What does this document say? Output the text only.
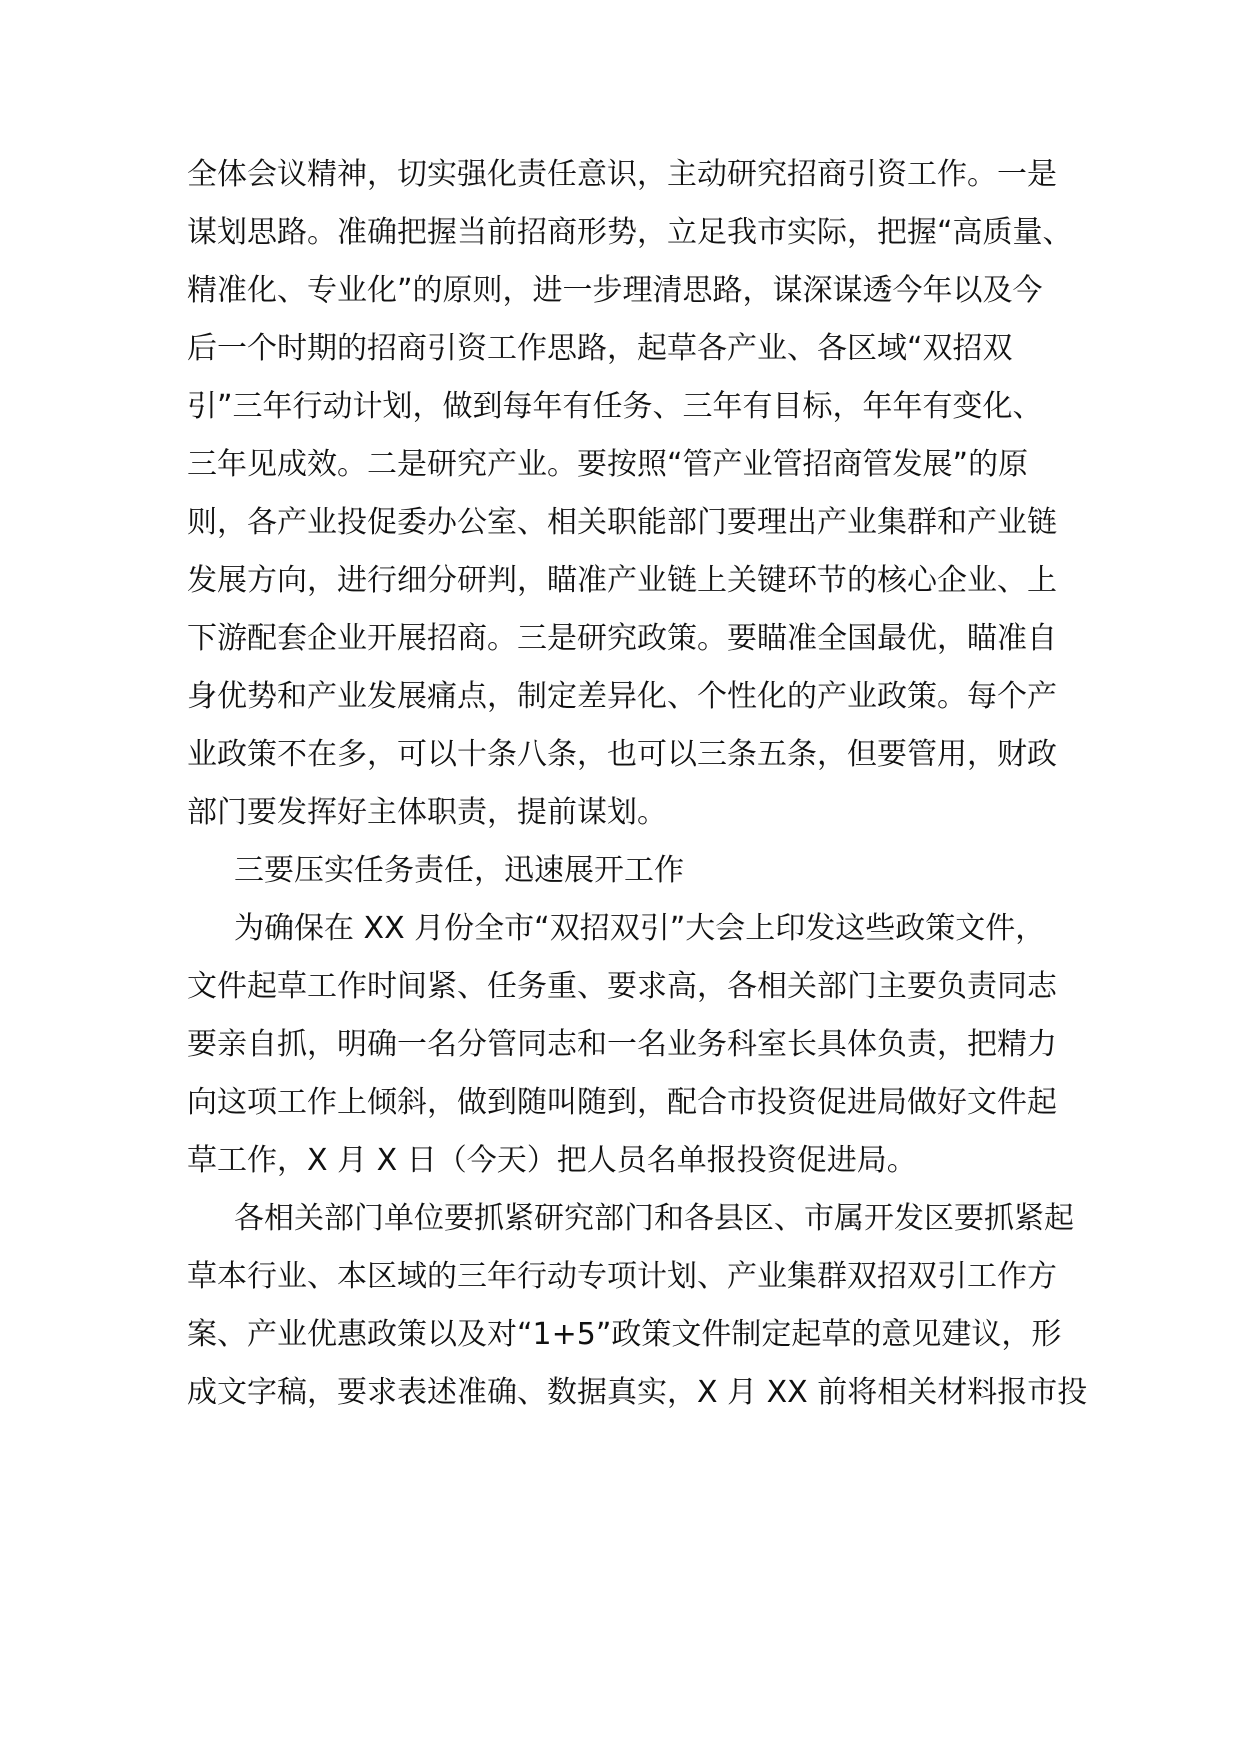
全体会议精神，切实强化责任意识，主动研究招商引资工作。一是
谋划思路。准确把握当前招商形势，立足我市实际，把握“高质量、
精准化、专业化”的原则，进一步理清思路，谋深谋透今年以及今
后一个时期的招商引资工作思路，起草各产业、各区域“双招双
引”三年行动计划，做到每年有任务、三年有目标，年年有变化、
三年见成效。二是研究产业。要按照“管产业管招商管发展”的原
则，各产业投促委办公室、相关职能部门要理出产业集群和产业链
发展方向，进行细分研判，瞄准产业链上关键环节的核心企业、上
下游配套企业开展招商。三是研究政策。要瞄准全国最优，瞄准自
身优势和产业发展痛点，制定差异化、个性化的产业政策。每个产
业政策不在多，可以十条八条，也可以三条五条，但要管用，财政
部门要发挥好主体职责，提前谋划。
三要压实任务责任，迅速展开工作
为确保在 XX 月份全市“双招双引”大会上印发这些政策文件，
文件起草工作时间紧、任务重、要求高，各相关部门主要负责同志
要亲自抓，明确一名分管同志和一名业务科室长具体负责，把精力
向这项工作上倾斜，做到随叫随到，配合市投资促进局做好文件起
草工作，X 月 X 日（今天）把人员名单报投资促进局。
各相关部门单位要抓紧研究部门和各县区、市属开发区要抓紧起
草本行业、本区域的三年行动专项计划、产业集群双招双引工作方
案、产业优惠政策以及对“1+5”政策文件制定起草的意见建议，形
成文字稿，要求表述准确、数据真实，X 月 XX 前将相关材料报市投
